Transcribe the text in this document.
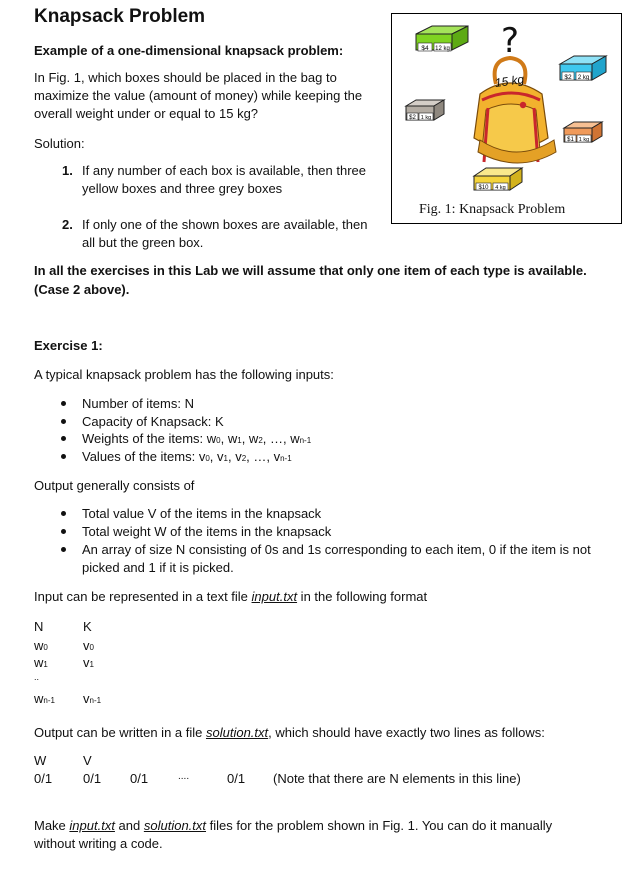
Knapsack Problem
Example of a one-dimensional knapsack problem:
In Fig. 1, which boxes should be placed in the bag to
maximize the value (amount of money) while keeping the
overall weight under or equal to 15 kg?
Solution:
1. If any number of each box is available, then three
yellow boxes and three grey boxes
2. If only one of the shown boxes are available, then
all but the green box.
In all the exercises in this Lab we will assume that only one item of each type is available.
(Case 2 above).
$4 12 kg ?
$2 2 kg
$2 1 kg
15 kg
$1 1 kg
$10 4 kg
Fig. 1: Knapsack Problem
Exercise 1:
A typical knapsack problem has the following inputs:
Number of items: N
Capacity of Knapsack: K
Weights of the items: w0, w1, w2, …, wn-1
Values of the items: v0, v1, v2, …, vn-1
Output generally consists of
Total value V of the items in the knapsack
Total weight W of the items in the knapsack
An array of size N consisting of 0s and 1s corresponding to each item, 0 if the item is not
picked and 1 if it is picked.
Input can be represented in a text file input.txt in the following format
N	K
w0	v0
w1	v1
..
wn-1 vn-1
Output can be written in a file solution.txt, which should have exactly two lines as follows:
W	V
0/1 0/1 0/1	....	0/1 (Note that there are N elements in this line)
Make input.txt and solution.txt files for the problem shown in Fig. 1. You can do it manually
without writing a code.
